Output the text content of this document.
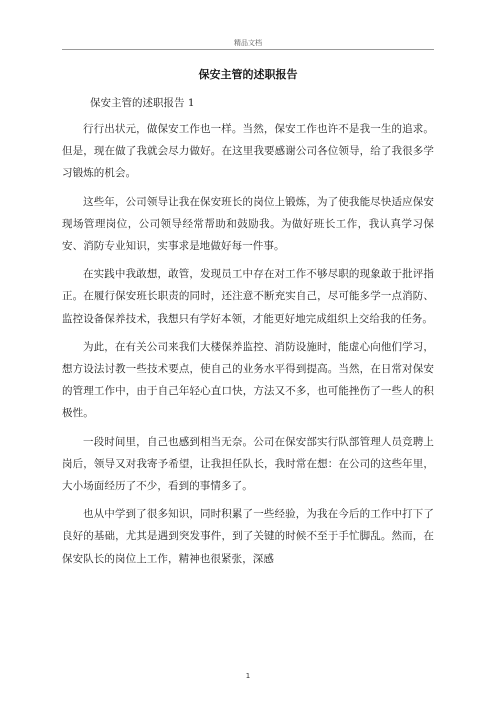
精品文档
保安主管的述职报告

保安主管的述职报告 1

行行出状元，做保安工作也一样。当然，保安工作也许不是我一生的追求。但是，现在做了我就会尽力做好。在这里我要感谢公司各位领导，给了我很多学习锻炼的机会。

这些年，公司领导让我在保安班长的岗位上锻炼，为了使我能尽快适应保安现场管理岗位，公司领导经常帮助和鼓励我。为做好班长工作，我认真学习保安、消防专业知识，实事求是地做好每一件事。

在实践中我敢想，敢管，发现员工中存在对工作不够尽职的现象敢于批评指正。在履行保安班长职责的同时，还注意不断充实自己，尽可能多学一点消防、监控设备保养技术，我想只有学好本领，才能更好地完成组织上交给我的任务。

为此，在有关公司来我们大楼保养监控、消防设施时，能虚心向他们学习，想方设法讨教一些技术要点，使自己的业务水平得到提高。当然，在日常对保安的管理工作中，由于自己年轻心直口快，方法又不多，也可能挫伤了一些人的积极性。

一段时间里，自己也感到相当无奈。公司在保安部实行队部管理人员竞聘上岗后，领导又对我寄予希望，让我担任队长，我时常在想：在公司的这些年里，大小场面经历了不少，看到的事情多了。

也从中学到了很多知识，同时积累了一些经验，为我在今后的工作中打下了良好的基础，尤其是遇到突发事件，到了关键的时候不至于手忙脚乱。然而，在保安队长的岗位上工作，精神也很紧张，深感

1
